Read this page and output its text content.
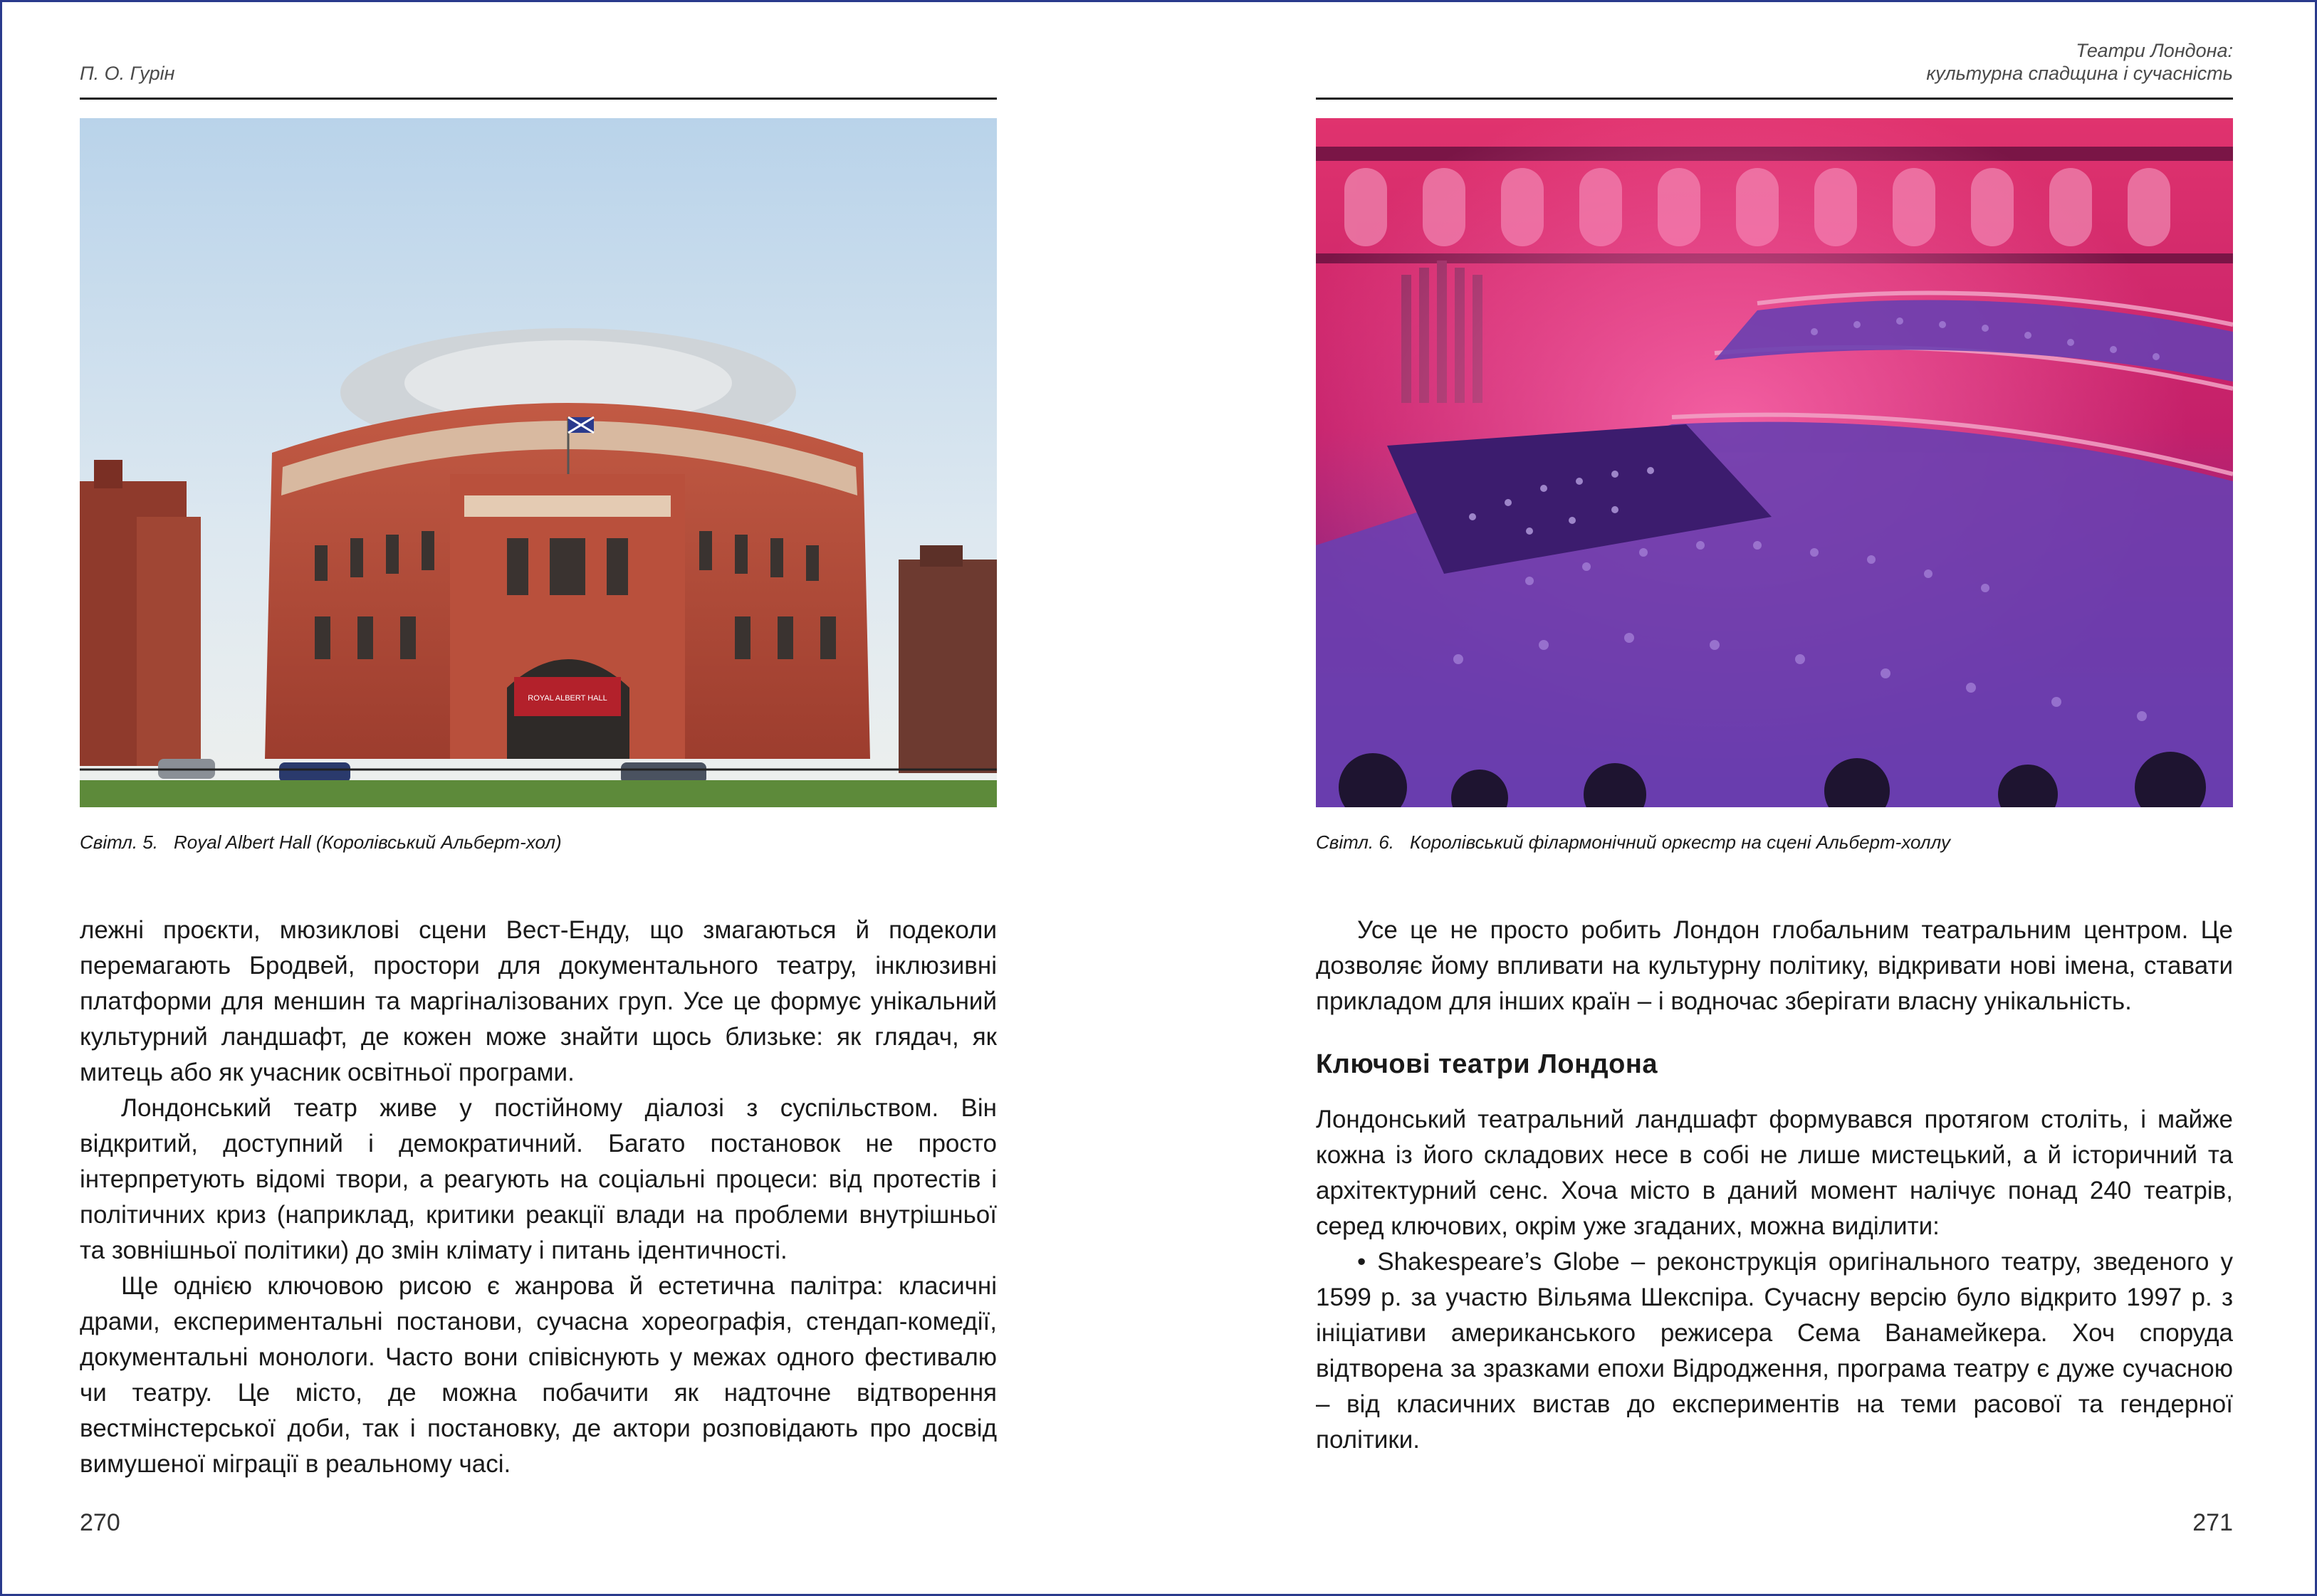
П. О. Гурін
ROYAL ALBERT HALL
Світл. 5. Royal Albert Hall (Королівський Альберт-хол)

лежні проєкти, мюзиклові сцени Вест-Енду, що змагаються й подеколи перемагають Бродвей, простори для документального театру, інклюзивні платформи для меншин та маргіналізованих груп. Усе це формує унікальний культурний ландшафт, де кожен може знайти щось близьке: як глядач, як митець або як учасник освітньої програми.

Лондонський театр живе у постійному діалозі з суспільством. Він відкритий, доступний і демократичний. Багато постановок не просто інтерпретують відомі твори, а реагують на соціальні процеси: від протестів і політичних криз (наприклад, критики реакції влади на проблеми внутрішньої та зовнішньої політики) до змін клімату і питань ідентичності.

Ще однією ключовою рисою є жанрова й естетична палітра: класичні драми, експериментальні постанови, сучасна хореографія, стендап-комедії, документальні монологи. Часто вони співіснують у межах одного фестивалю чи театру. Це місто, де можна побачити як надточне відтворення вестмінстерської доби, так і постановку, де актори розповідають про досвід вимушеної міграції в реальному часі.

270
Театри Лондона:
культурна спадщина і сучасність
Світл. 6. Королівський філармонічний оркестр на сцені Альберт-холлу

Усе це не просто робить Лондон глобальним театральним центром. Це дозволяє йому впливати на культурну політику, відкривати нові імена, ставати прикладом для інших країн – і водночас зберігати власну унікальність.

Ключові театри Лондона

Лондонський театральний ландшафт формувався протягом століть, і майже кожна із його складових несе в собі не лише мистецький, а й історичний та архітектурний сенс. Хоча місто в даний момент налічує понад 240 театрів, серед ключових, окрім уже згаданих, можна виділити:

• Shakespeare’s Globe – реконструкція оригінального театру, зведеного у 1599 р. за участю Вільяма Шекспіра. Сучасну версію було відкрито 1997 р. з ініціативи американського режисера Сема Ванамейкера. Хоч споруда відтворена за зразками епохи Відродження, програма театру є дуже сучасною – від класичних вистав до експериментів на теми расової та гендерної політики.

271
